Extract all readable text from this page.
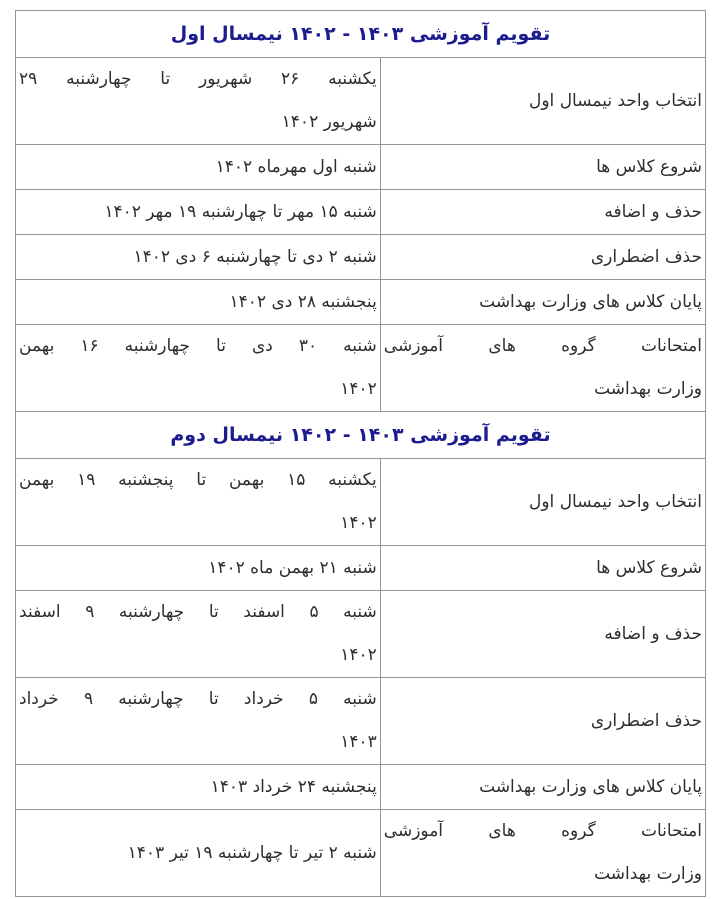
تقویم آموزشی ۱۴۰۳ - ۱۴۰۲ نیمسال اول
انتخاب واحد نیمسال اول
یکشنبه ۲۶ شهریور تا چهارشنبه ۲۹
شهریور ۱۴۰۲
شروع کلاس ها
شنبه اول مهرماه ۱۴۰۲
حذف و اضافه
شنبه ۱۵ مهر تا چهارشنبه ۱۹ مهر ۱۴۰۲
حذف اضطراری
شنبه ۲ دی تا چهارشنبه ۶ دی ۱۴۰۲
پایان کلاس های وزارت بهداشت
پنجشنبه ۲۸ دی ۱۴۰۲
امتحانات گروه های آموزشی
وزارت بهداشت
شنبه ۳۰ دی تا چهارشنبه ۱۶ بهمن
۱۴۰۲
تقویم آموزشی ۱۴۰۳ - ۱۴۰۲ نیمسال دوم
انتخاب واحد نیمسال اول
یکشنبه ۱۵ بهمن تا پنجشنبه ۱۹ بهمن
۱۴۰۲
شروع کلاس ها
شنبه ۲۱ بهمن ماه ۱۴۰۲
حذف و اضافه
شنبه ۵ اسفند تا چهارشنبه ۹ اسفند
۱۴۰۲
حذف اضطراری
شنبه ۵ خرداد تا چهارشنبه ۹ خرداد
۱۴۰۳
پایان کلاس های وزارت بهداشت
پنجشنبه ۲۴ خرداد ۱۴۰۳
امتحانات گروه های آموزشی
وزارت بهداشت
شنبه ۲ تیر تا چهارشنبه ۱۹ تیر ۱۴۰۳
